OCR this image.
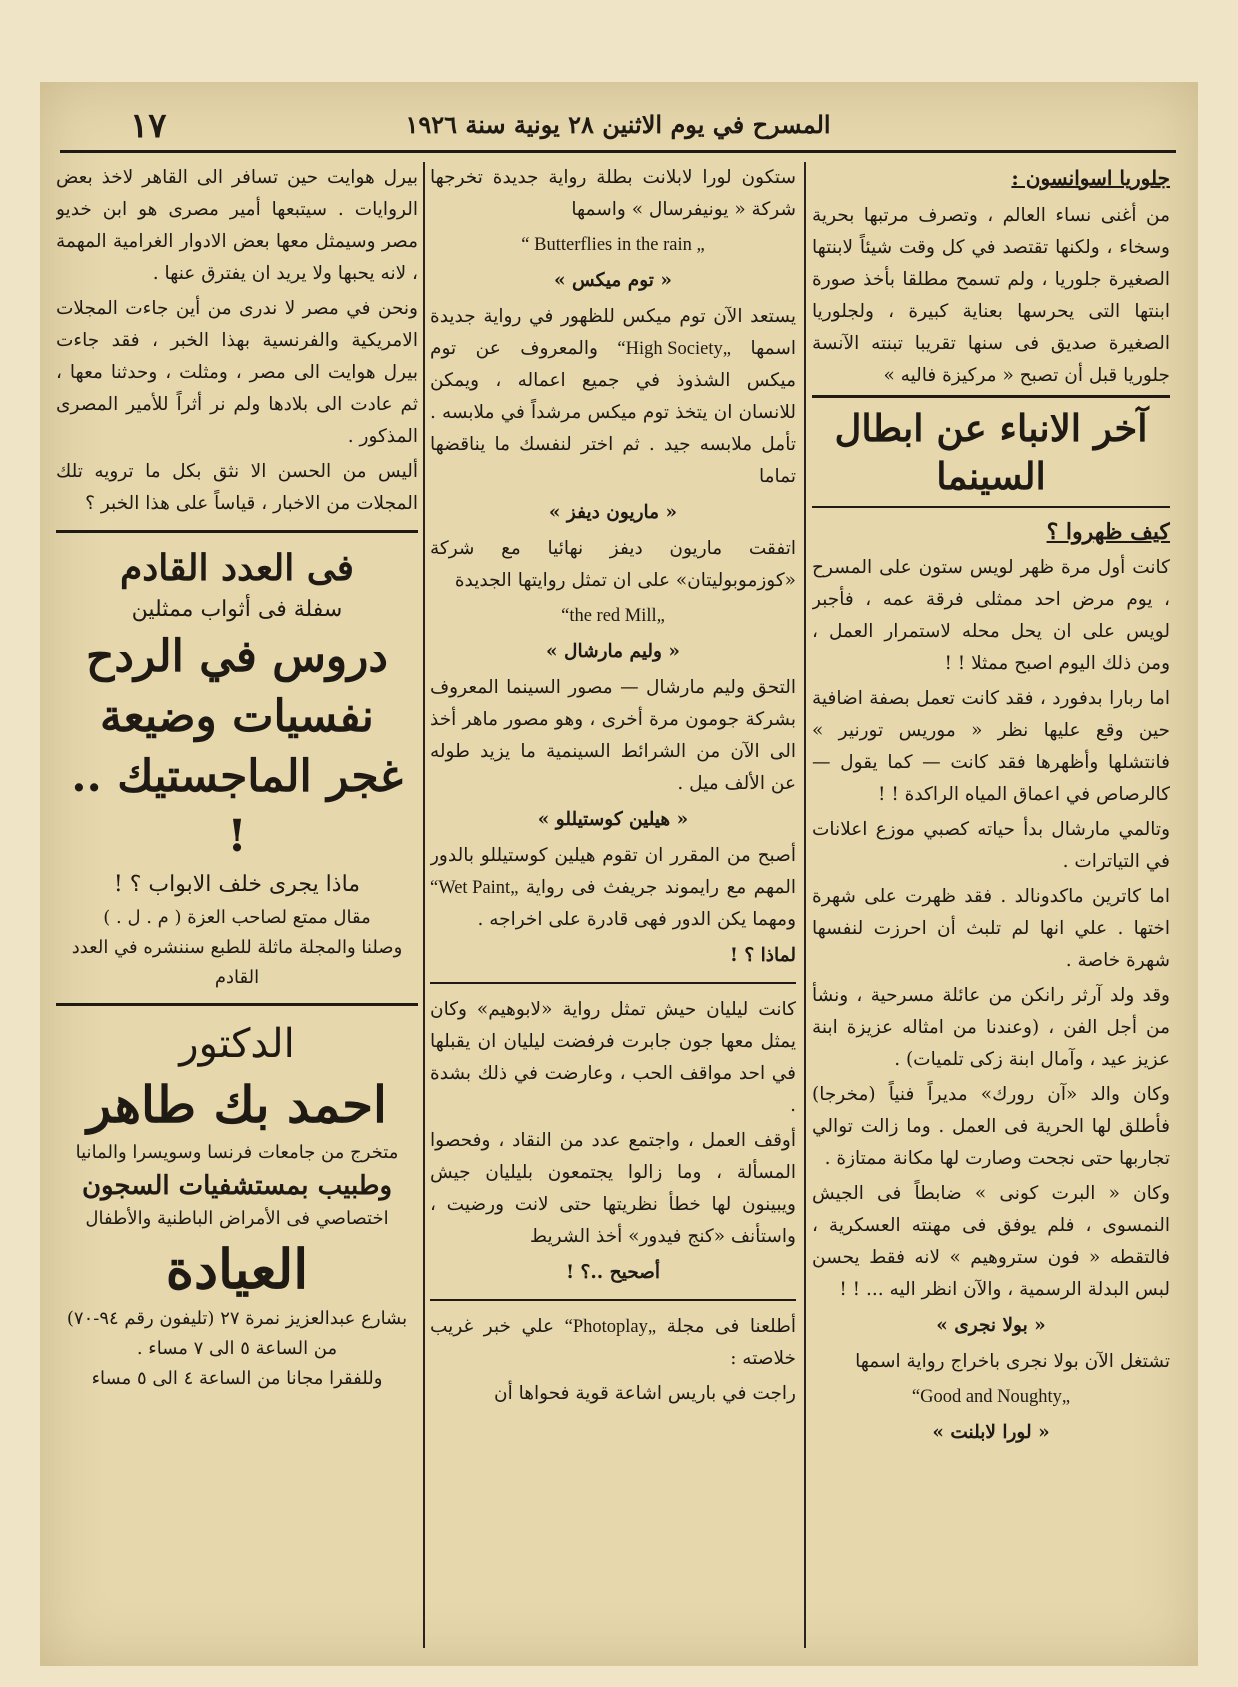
١٧	المسرح في يوم الاثنين ٢٨ يونية سنة ١٩٢٦
جلوريا اسوانسون :

من أغنى نساء العالم ، وتصرف مرتبها بحرية وسخاء ، ولكنها تقتصد في كل وقت شيئاً لابنتها الصغيرة جلوريا ، ولم تسمح مطلقا بأخذ صورة ابنتها التى يحرسها بعناية كبيرة ، ولجلوريا الصغيرة صديق فى سنها تقريبا تبنته الآنسة جلوريا قبل أن تصبح « مركيزة فاليه »

آخر الانباء عن ابطال السينما
كيف ظهروا ؟

كانت أول مرة ظهر لويس ستون على المسرح ، يوم مرض احد ممثلى فرقة عمه ، فأجبر لويس على ان يحل محله لاستمرار العمل ، ومن ذلك اليوم اصبح ممثلا ! !

اما ربارا بدفورد ، فقد كانت تعمل بصفة اضافية حين وقع عليها نظر « موريس تورنير » فانتشلها وأظهرها فقد كانت — كما يقول — كالرصاص في اعماق المياه الراكدة ! !

وتالمي مارشال بدأ حياته كصبي موزع اعلانات في التياترات .

اما كاترين ماكدونالد . فقد ظهرت على شهرة اختها . علي انها لم تلبث أن احرزت لنفسها شهرة خاصة .

وقد ولد آرثر رانكن من عائلة مسرحية ، ونشأ من أجل الفن ، (وعندنا من امثاله عزيزة ابنة عزيز عيد ، وآمال ابنة زكى تلميات) .

وكان والد «آن رورك» مديراً فنياً (مخرجا) فأطلق لها الحرية فى العمل . وما زالت توالي تجاربها حتى نجحت وصارت لها مكانة ممتازة .

وكان « البرت كونى » ضابطاً فى الجيش النمسوى ، فلم يوفق فى مهنته العسكرية ، فالتقطه « فون ستروهيم » لانه فقط يحسن لبس البدلة الرسمية ، والآن انظر اليه ... ! !

« بولا نجرى »

تشتغل الآن بولا نجرى باخراج رواية اسمها

“Good and Noughty„
« لورا لابلنت »

ستكون لورا لابلانت بطلة رواية جديدة تخرجها شركة « يونيفرسال » واسمها

“ Butterflies in the rain „
« توم ميكس »

يستعد الآن توم ميكس للظهور في رواية جديدة اسمها “High Society„ والمعروف عن توم ميكس الشذوذ في جميع اعماله ، ويمكن للانسان ان يتخذ توم ميكس مرشداً في ملابسه . تأمل ملابسه جيد . ثم اختر لنفسك ما يناقضها تماما

« ماريون ديفز »

اتفقت ماريون ديفز نهائيا مع شركة «كوزموبوليتان» على ان تمثل روايتها الجديدة

“the red Mill„
« وليم مارشال »

التحق وليم مارشال — مصور السينما المعروف بشركة جومون مرة أخرى ، وهو مصور ماهر أخذ الى الآن من الشرائط السينمية ما يزيد طوله عن الألف ميل .

« هيلين كوستيللو »

أصبح من المقرر ان تقوم هيلين كوستيللو بالدور المهم مع رايموند جريفث فى رواية “Wet Paint„ ومهما يكن الدور فهى قادرة على اخراجه .

لماذا ؟ !

كانت ليليان حيش تمثل رواية «لابوهيم» وكان يمثل معها جون جابرت فرفضت ليليان ان يقبلها في احد مواقف الحب ، وعارضت في ذلك بشدة .

أوقف العمل ، واجتمع عدد من النقاد ، وفحصوا المسألة ، وما زالوا يجتمعون بليليان جيش ويبينون لها خطأ نظريتها حتى لانت ورضيت ، واستأنف «كنج فيدور» أخذ الشريط

أصحيح ..؟ !

أطلعنا فى مجلة “Photoplay„ علي خبر غريب خلاصته :

راجت في باريس اشاعة قوية فحواها أن

بيرل هوايت حين تسافر الى القاهر لاخذ بعض الروايات . سيتبعها أمير مصرى هو ابن خديو مصر وسيمثل معها بعض الادوار الغرامية المهمة ، لانه يحبها ولا يريد ان يفترق عنها .

ونحن في مصر لا ندرى من أين جاءت المجلات الامريكية والفرنسية بهذا الخبر ، فقد جاءت بيرل هوايت الى مصر ، ومثلت ، وحدثنا معها ، ثم عادت الى بلادها ولم نر أثراً للأمير المصرى المذكور .

أليس من الحسن الا نثق بكل ما ترويه تلك المجلات من الاخبار ، قياساً على هذا الخبر ؟

فى العدد القادم
سفلة فى أثواب ممثلين
دروس في الردح
نفسيات وضيعة
غجر الماجستيك .. !
ماذا يجرى خلف الابواب ؟ !
مقال ممتع لصاحب العزة ( م . ل . )
وصلنا والمجلة ماثلة للطبع سننشره في العدد القادم
الدكتور
احمد بك طاهر
متخرج من جامعات فرنسا وسويسرا والمانيا
وطبيب بمستشفيات السجون
اختصاصي فى الأمراض الباطنية والأطفال
العيادة
بشارع عبدالعزيز نمرة ٢٧ (تليفون رقم ٩٤-٧٠)
من الساعة ٥ الى ٧ مساء .
وللفقرا مجانا من الساعة ٤ الى ٥ مساء
